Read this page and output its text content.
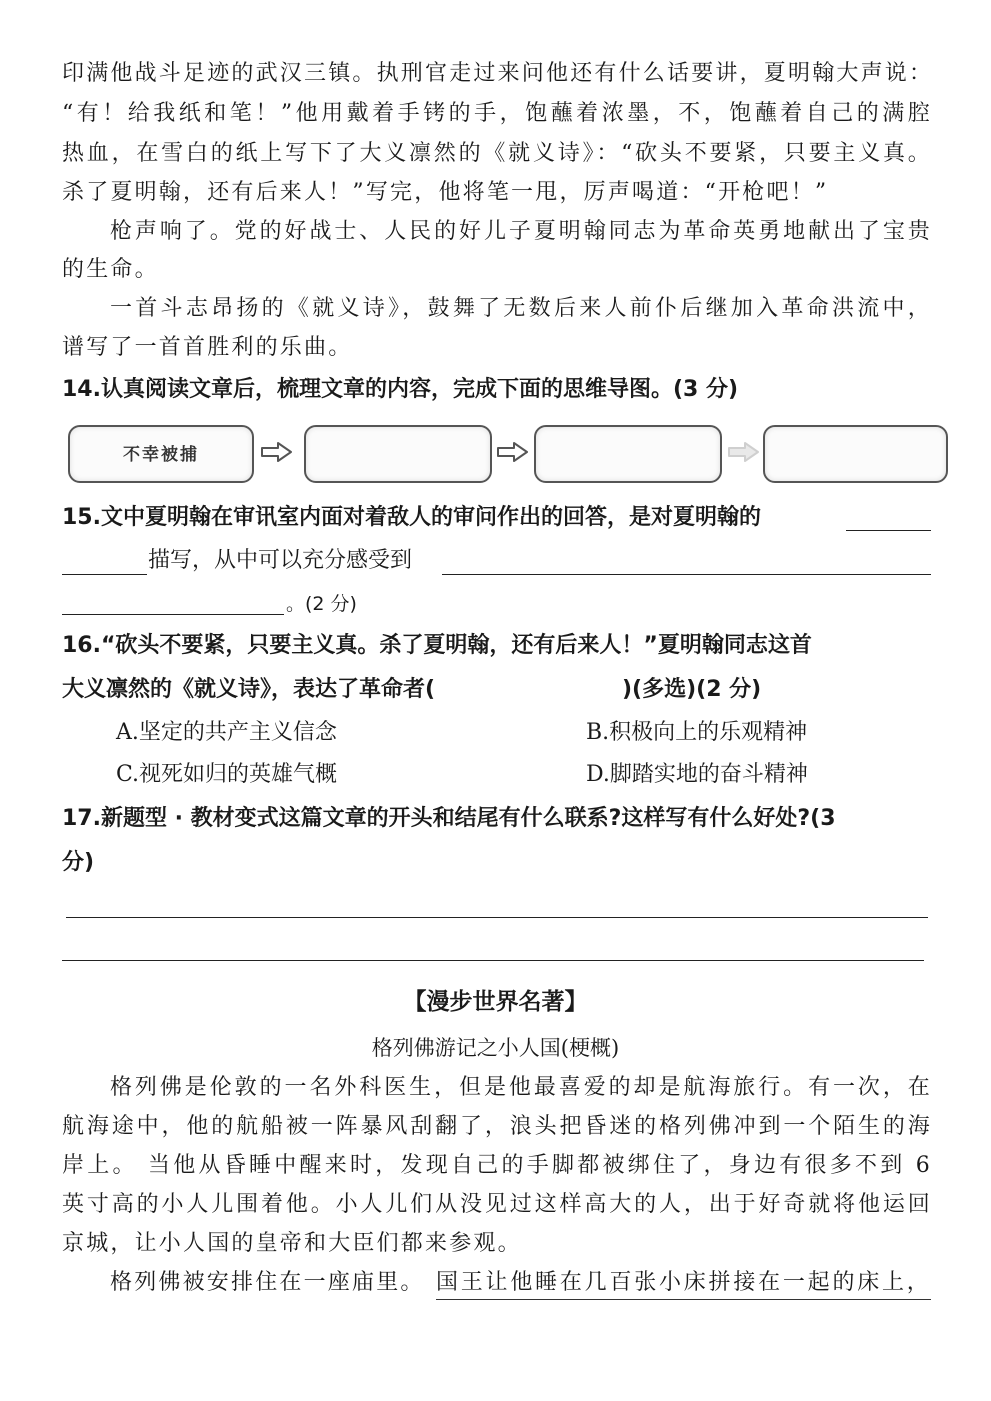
印满他战斗足迹的武汉三镇。执刑官走过来问他还有什么话要讲，夏明翰大声说：
“有！给我纸和笔！”他用戴着手铐的手，饱蘸着浓墨，不，饱蘸着自己的满腔
热血，在雪白的纸上写下了大义凛然的《就义诗》：“砍头不要紧，只要主义真。
杀了夏明翰，还有后来人！”写完，他将笔一甩，厉声喝道：“开枪吧！”
枪声响了。党的好战士、人民的好儿子夏明翰同志为革命英勇地献出了宝贵
的生命。
一首斗志昂扬的《就义诗》，鼓舞了无数后来人前仆后继加入革命洪流中，
谱写了一首首胜利的乐曲。
14.认真阅读文章后，梳理文章的内容，完成下面的思维导图。(3 分)
不幸被捕
15.文中夏明翰在审讯室内面对着敌人的审问作出的回答，是对夏明翰的
描写，从中可以充分感受到
。(2 分)
16.“砍头不要紧，只要主义真。杀了夏明翰，还有后来人！”夏明翰同志这首
大义凛然的《就义诗》，表达了革命者(	)(多选)(2 分)
A.坚定的共产主义信念	B.积极向上的乐观精神
C.视死如归的英雄气概	D.脚踏实地的奋斗精神
17.新题型 · 教材变式这篇文章的开头和结尾有什么联系?这样写有什么好处?(3
分)
【漫步世界名著】
格列佛游记之小人国(梗概)
格列佛是伦敦的一名外科医生，但是他最喜爱的却是航海旅行。有一次，在
航海途中，他的航船被一阵暴风刮翻了，浪头把昏迷的格列佛冲到一个陌生的海
岸上。 当他从昏睡中醒来时，发现自己的手脚都被绑住了，身边有很多不到 6
英寸高的小人儿围着他。小人儿们从没见过这样高大的人，出于好奇就将他运回
京城，让小人国的皇帝和大臣们都来参观。
格列佛被安排住在一座庙里。 国王让他睡在几百张小床拼接在一起的床上，
